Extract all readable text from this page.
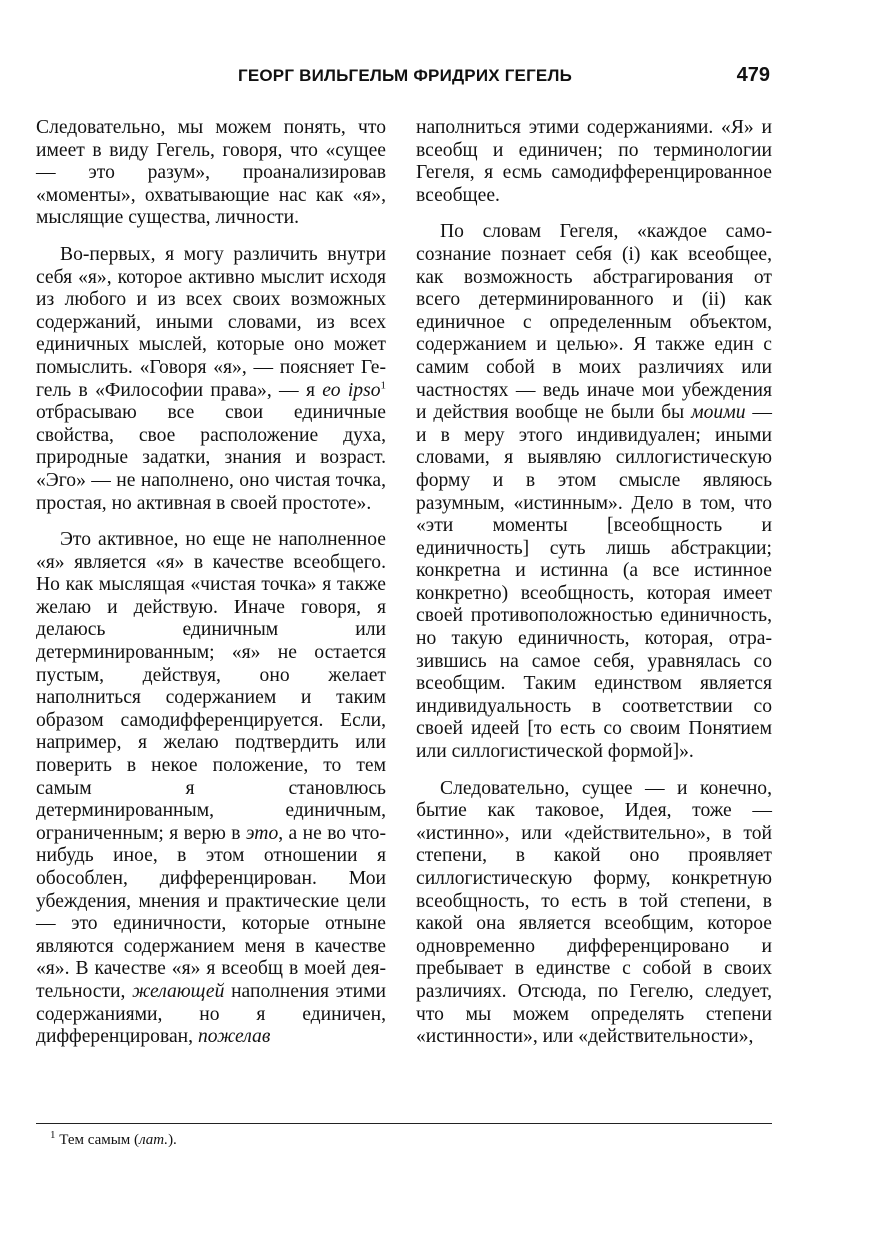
ГЕОРГ ВИЛЬГЕЛЬМ ФРИДРИХ ГЕГЕЛЬ	479

Следовательно, мы можем понять, что имеет в виду Гегель, говоря, что «сущее — это разум», проанализировав «моменты», охватывающие нас как «я», мыслящие существа, личности.

Во-первых, я могу различить внутри себя «я», которое активно мыслит исходя из любого и из всех своих возможных содержаний, иными словами, из всех единичных мыслей, которые оно может помыслить. «Говоря «я», — поясняет Гегель в «Философии права», — я ео ipso$^1$ отбрасываю все свои единичные свойства, свое расположение духа, природные задатки, знания и возраст. «Эго» — не наполнено, оно чистая точка, простая, но активная в своей простоте».

Это активное, но еще не наполненное «я» является «я» в качестве всеобщего. Но как мыслящая «чистая точка» я также желаю и действую. Иначе говоря, я делаюсь единичным или детерминированным; «я» не остается пустым, действуя, оно желает наполниться содержанием и таким образом самодифференцируется. Если, например, я желаю подтвердить или поверить в некое положение, то тем самым я становлюсь детерминированным, единичным, ограниченным; я верю в это, а не во что-нибудь иное, в этом отношении я обособлен, дифференцирован. Мои убеждения, мнения и практические цели — это единичности, которые отныне являются содержанием меня в качестве «я». В качестве «я» я всеобщ в моей деятельности, желающей наполнения этими содержаниями, но я единичен, дифференцирован, пожелав

наполниться этими содержаниями. «Я» и всеобщ и единичен; по терминологии Гегеля, я есмь самодифференцированное всеобщее.

По словам Гегеля, «каждое самосознание познает себя (i) как всеобщее, как возможность абстрагирования от всего детерминированного и (ii) как единичное с определенным объектом, содержанием и целью». Я также един с самим собой в моих различиях или частностях — ведь иначе мои убеждения и действия вообще не были бы моими — и в меру этого индивидуален; иными словами, я выявляю силлогистическую форму и в этом смысле являюсь разумным, «истинным». Дело в том, что «эти моменты [всеобщность и единичность] суть лишь абстракции; конкретна и истинна (а все истинное конкретно) всеобщность, которая имеет своей противоположностью единичность, но такую единичность, которая, отразившись на самое себя, уравнялась со всеобщим. Таким единством является индивидуальность в соответствии со своей идеей [то есть со своим Понятием или силлогистической формой]».

Следовательно, сущее — и конечно, бытие как таковое, Идея, тоже — «истинно», или «действительно», в той степени, в какой оно проявляет силлогистическую форму, конкретную всеобщность, то есть в той степени, в какой она является всеобщим, которое одновременно дифференцировано и пребывает в единстве с собой в своих различиях. Отсюда, по Гегелю, следует, что мы можем определять степени «истинности», или «действительности»,

$^1$ Тем самым (лат.).
